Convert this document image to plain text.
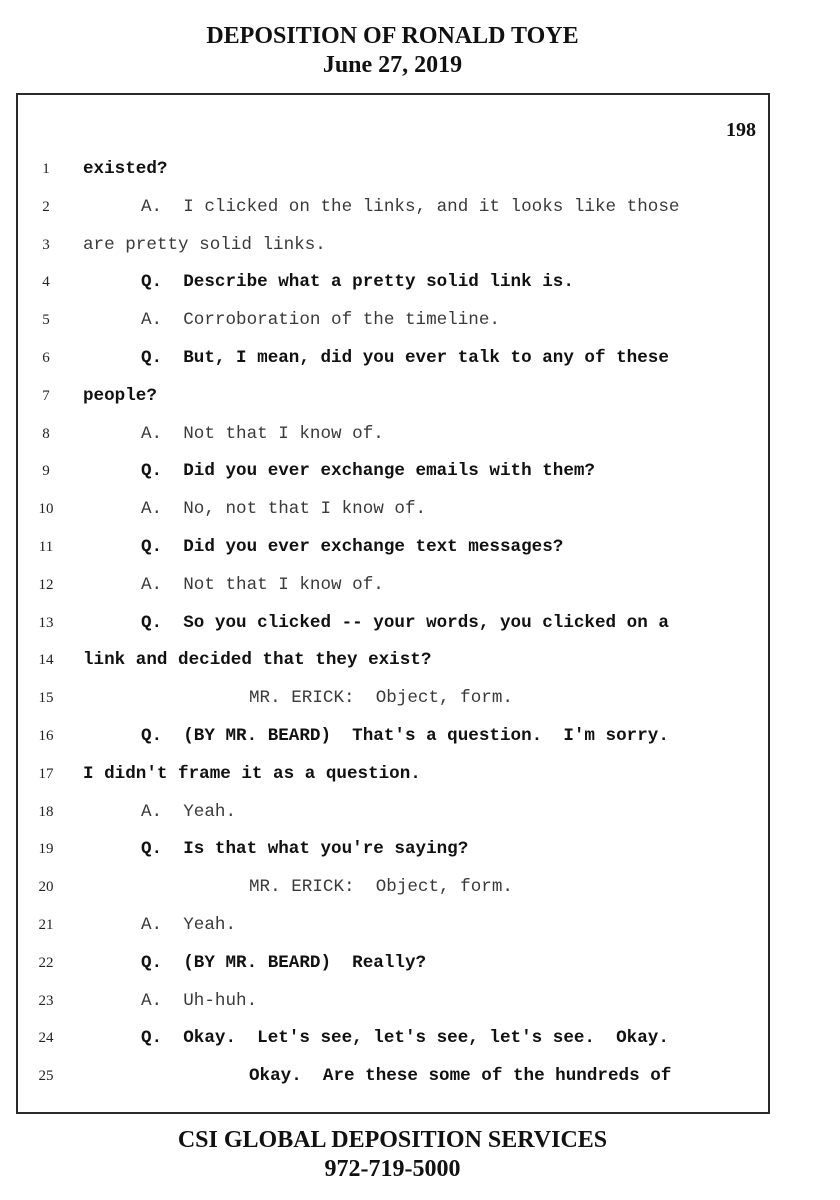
DEPOSITION OF RONALD TOYE
June 27, 2019
198
1	existed?
2	A.  I clicked on the links, and it looks like those
3	are pretty solid links.
4	Q.  Describe what a pretty solid link is.
5	A.  Corroboration of the timeline.
6	Q.  But, I mean, did you ever talk to any of these
7	people?
8	A.  Not that I know of.
9	Q.  Did you ever exchange emails with them?
10	A.  No, not that I know of.
11	Q.  Did you ever exchange text messages?
12	A.  Not that I know of.
13	Q.  So you clicked -- your words, you clicked on a
14	link and decided that they exist?
15	MR. ERICK:  Object, form.
16	Q.  (BY MR. BEARD)  That's a question.  I'm sorry.
17	I didn't frame it as a question.
18	A.  Yeah.
19	Q.  Is that what you're saying?
20	MR. ERICK:  Object, form.
21	A.  Yeah.
22	Q.  (BY MR. BEARD)  Really?
23	A.  Uh-huh.
24	Q.  Okay.  Let's see, let's see, let's see.  Okay.
25	Okay.  Are these some of the hundreds of
CSI GLOBAL DEPOSITION SERVICES
972-719-5000
